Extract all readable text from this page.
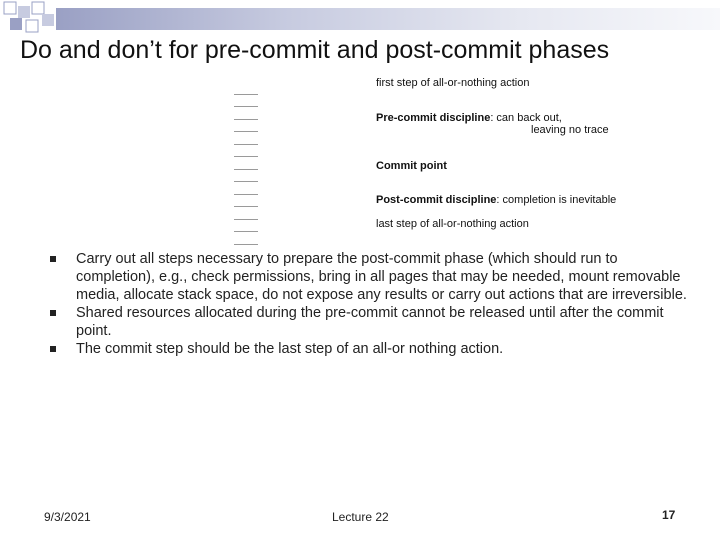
Do and don’t for pre-commit and post-commit phases
first step of all-or-nothing action
Pre-commit discipline: can back out,
leaving no trace
Commit point
Post-commit discipline: completion is inevitable
last step of all-or-nothing action
Carry out all steps necessary to prepare the post-commit phase (which should run to completion), e.g., check permissions, bring in all pages that may be needed, mount removable media, allocate stack space, do not expose any results or carry out actions that are irreversible.
Shared resources allocated during the pre-commit cannot be released until after the commit point.
The commit step should be the last step of an all-or nothing action.
9/3/2021	Lecture 22	17
